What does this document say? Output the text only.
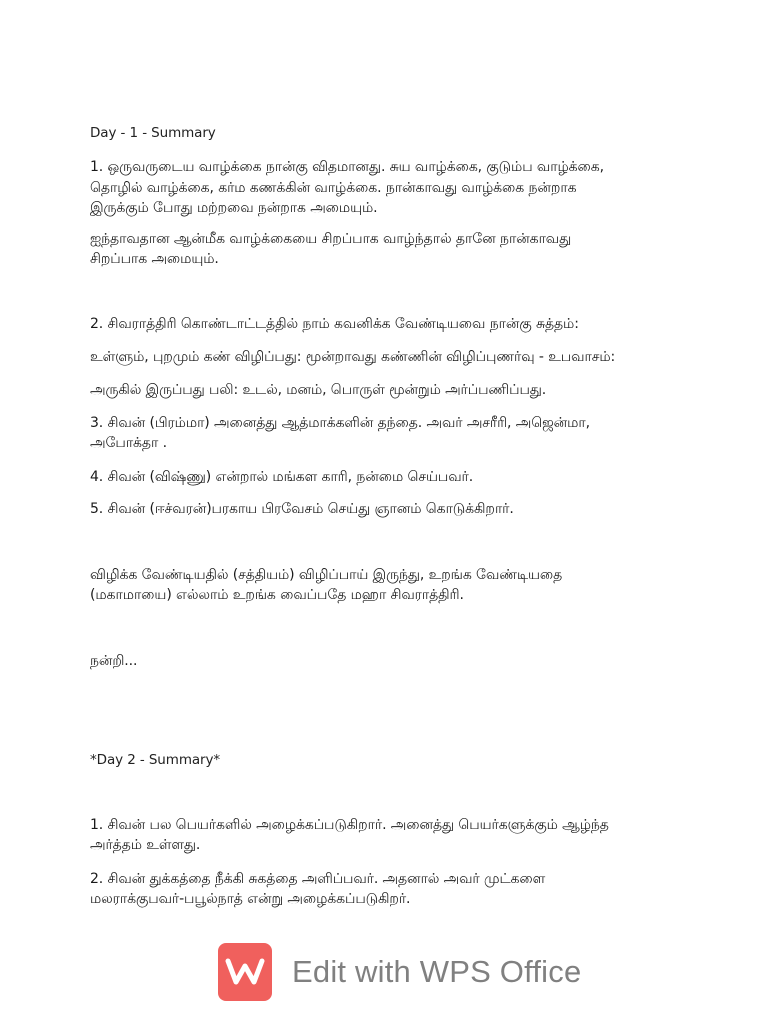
Day - 1 - Summary
1. ஒருவருடைய வாழ்க்கை நான்கு விதமானது. சுய வாழ்க்கை, குடும்ப வாழ்க்கை,
தொழில் வாழ்க்கை, கர்ம கணக்கின் வாழ்க்கை. நான்காவது வாழ்க்கை நன்றாக
இருக்கும் போது மற்றவை நன்றாக அமையும்.
ஐந்தாவதான ஆன்மீக வாழ்க்கையை சிறப்பாக வாழ்ந்தால் தானே நான்காவது
சிறப்பாக அமையும்.
2. சிவராத்திரி கொண்டாட்டத்தில் நாம் கவனிக்க வேண்டியவை நான்கு சுத்தம்:
உள்ளும், புறமும் கண் விழிப்பது: மூன்றாவது கண்ணின் விழிப்புணர்வு - உபவாசம்:
அருகில் இருப்பது பலி: உடல், மனம், பொருள் மூன்றும் அர்ப்பணிப்பது.
3. சிவன் (பிரம்மா) அனைத்து ஆத்மாக்களின் தந்தை. அவர் அசரீரி, அஜென்மா,
அபோக்தா .
4. சிவன் (விஷ்ணு) என்றால் மங்கள காரி, நன்மை செய்பவர்.
5. சிவன் (ஈச்வரன்)பரகாய பிரவேசம் செய்து ஞானம் கொடுக்கிறார்.
விழிக்க வேண்டியதில் (சத்தியம்) விழிப்பாய் இருந்து, உறங்க வேண்டியதை
(மகாமாயை) எல்லாம் உறங்க வைப்பதே மஹா சிவராத்திரி.
நன்றி...
*Day 2 - Summary*
1. சிவன் பல பெயர்களில் அழைக்கப்படுகிறார். அனைத்து பெயர்களுக்கும் ஆழ்ந்த
அர்த்தம் உள்ளது.
2. சிவன் துக்கத்தை நீக்கி சுகத்தை அளிப்பவர். அதனால் அவர் முட்களை
மலராக்குபவர்-பபூல்நாத் என்று அழைக்கப்படுகிறர்.
Edit with WPS Office
